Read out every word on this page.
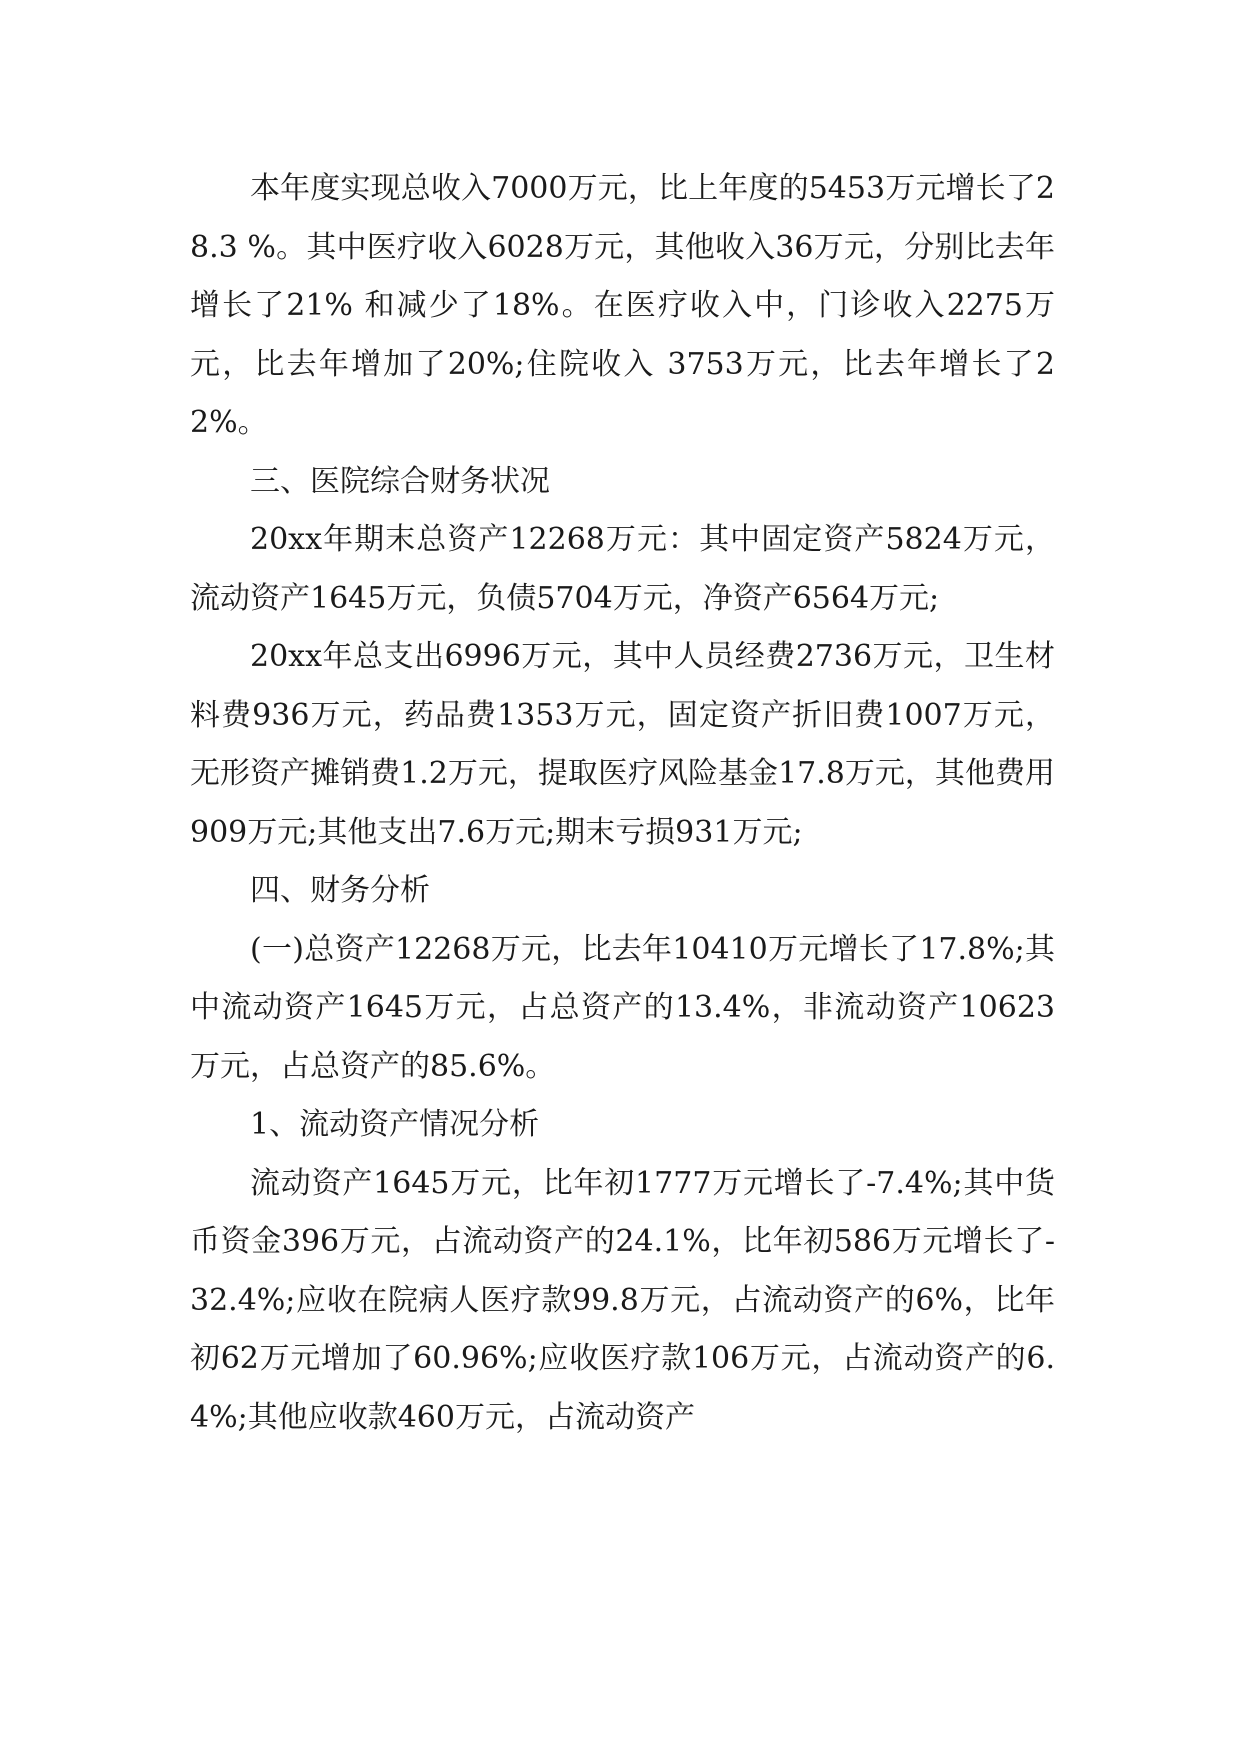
本年度实现总收入7000万元，比上年度的5453万元增长了28.3 %。其中医疗收入6028万元，其他收入36万元，分别比去年增长了21% 和减少了18%。在医疗收入中，门诊收入2275万元，比去年增加了20%;住院收入 3753万元，比去年增长了22%。

三、医院综合财务状况

20xx年期末总资产12268万元：其中固定资产5824万元，流动资产1645万元，负债5704万元，净资产6564万元;

20xx年总支出6996万元，其中人员经费2736万元，卫生材料费936万元，药品费1353万元，固定资产折旧费1007万元，无形资产摊销费1.2万元，提取医疗风险基金17.8万元，其他费用909万元;其他支出7.6万元;期末亏损931万元;

四、财务分析

(一)总资产12268万元，比去年10410万元增长了17.8%;其中流动资产1645万元，占总资产的13.4%，非流动资产10623万元，占总资产的85.6%。

1、流动资产情况分析

流动资产1645万元，比年初1777万元增长了-7.4%;其中货币资金396万元，占流动资产的24.1%，比年初586万元增长了-32.4%;应收在院病人医疗款99.8万元，占流动资产的6%，比年初62万元增加了60.96%;应收医疗款106万元，占流动资产的6.4%;其他应收款460万元，占流动资产
